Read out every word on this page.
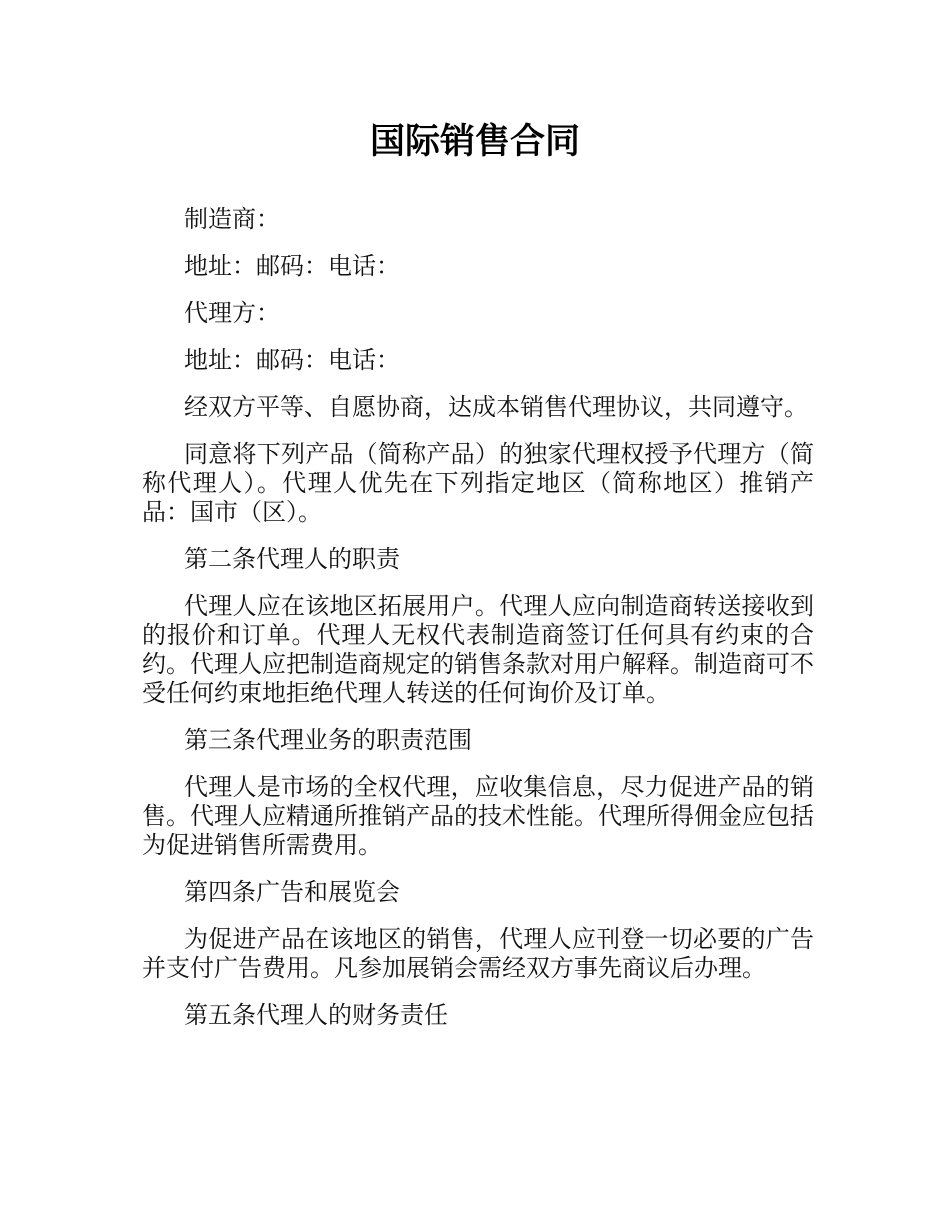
国际销售合同

制造商：

地址：邮码：电话：

代理方：

地址：邮码：电话：

经双方平等、自愿协商，达成本销售代理协议，共同遵守。

同意将下列产品（简称产品）的独家代理权授予代理方（简称代理人）。代理人优先在下列指定地区（简称地区）推销产品：国市（区）。

第二条代理人的职责

代理人应在该地区拓展用户。代理人应向制造商转送接收到的报价和订单。代理人无权代表制造商签订任何具有约束的合约。代理人应把制造商规定的销售条款对用户解释。制造商可不受任何约束地拒绝代理人转送的任何询价及订单。

第三条代理业务的职责范围

代理人是市场的全权代理，应收集信息，尽力促进产品的销售。代理人应精通所推销产品的技术性能。代理所得佣金应包括为促进销售所需费用。

第四条广告和展览会

为促进产品在该地区的销售，代理人应刊登一切必要的广告并支付广告费用。凡参加展销会需经双方事先商议后办理。

第五条代理人的财务责任
